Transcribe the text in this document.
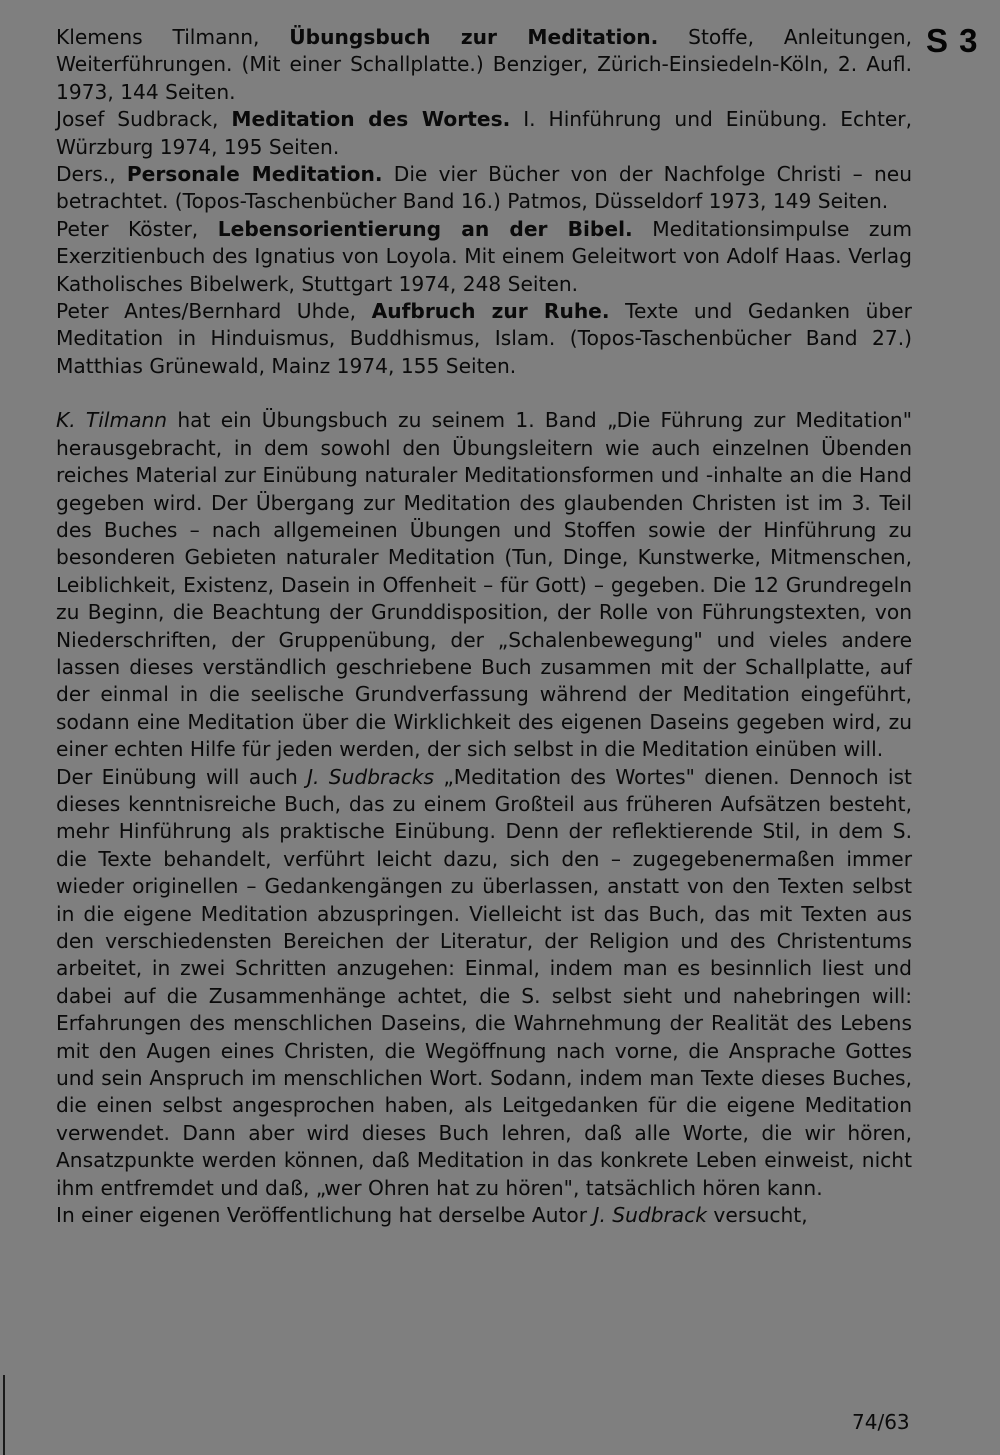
S 3

Klemens Tilmann, Übungsbuch zur Meditation. Stoffe, Anleitungen, Weiterführungen. (Mit einer Schallplatte.) Benziger, Zürich-Einsiedeln-Köln, 2. Aufl. 1973, 144 Seiten.

Josef Sudbrack, Meditation des Wortes. I. Hinführung und Einübung. Echter, Würzburg 1974, 195 Seiten.

Ders., Personale Meditation. Die vier Bücher von der Nachfolge Christi – neu betrachtet. (Topos-Taschenbücher Band 16.) Patmos, Düsseldorf 1973, 149 Seiten.

Peter Köster, Lebensorientierung an der Bibel. Meditationsimpulse zum Exerzitienbuch des Ignatius von Loyola. Mit einem Geleitwort von Adolf Haas. Verlag Katholisches Bibelwerk, Stuttgart 1974, 248 Seiten.

Peter Antes/Bernhard Uhde, Aufbruch zur Ruhe. Texte und Gedanken über Meditation in Hinduismus, Buddhismus, Islam. (Topos-Taschenbücher Band 27.) Matthias Grünewald, Mainz 1974, 155 Seiten.

K. Tilmann hat ein Übungsbuch zu seinem 1. Band „Die Führung zur Meditation" herausgebracht, in dem sowohl den Übungsleitern wie auch einzelnen Übenden reiches Material zur Einübung naturaler Meditationsformen und -inhalte an die Hand gegeben wird. Der Übergang zur Meditation des glaubenden Christen ist im 3. Teil des Buches – nach allgemeinen Übungen und Stoffen sowie der Hinführung zu besonderen Gebieten naturaler Meditation (Tun, Dinge, Kunstwerke, Mitmenschen, Leiblichkeit, Existenz, Dasein in Offenheit – für Gott) – gegeben. Die 12 Grundregeln zu Beginn, die Beachtung der Grunddisposition, der Rolle von Führungstexten, von Niederschriften, der Gruppenübung, der „Schalenbewegung" und vieles andere lassen dieses verständlich geschriebene Buch zusammen mit der Schallplatte, auf der einmal in die seelische Grundverfassung während der Meditation eingeführt, sodann eine Meditation über die Wirklichkeit des eigenen Daseins gegeben wird, zu einer echten Hilfe für jeden werden, der sich selbst in die Meditation einüben will.

Der Einübung will auch J. Sudbracks „Meditation des Wortes" dienen. Dennoch ist dieses kenntnisreiche Buch, das zu einem Großteil aus früheren Aufsätzen besteht, mehr Hinführung als praktische Einübung. Denn der reflektierende Stil, in dem S. die Texte behandelt, verführt leicht dazu, sich den – zugegebenermaßen immer wieder originellen – Gedankengängen zu überlassen, anstatt von den Texten selbst in die eigene Meditation abzuspringen. Vielleicht ist das Buch, das mit Texten aus den verschiedensten Bereichen der Literatur, der Religion und des Christentums arbeitet, in zwei Schritten anzugehen: Einmal, indem man es besinnlich liest und dabei auf die Zusammenhänge achtet, die S. selbst sieht und nahebringen will: Erfahrungen des menschlichen Daseins, die Wahrnehmung der Realität des Lebens mit den Augen eines Christen, die Wegöffnung nach vorne, die Ansprache Gottes und sein Anspruch im menschlichen Wort. Sodann, indem man Texte dieses Buches, die einen selbst angesprochen haben, als Leitgedanken für die eigene Meditation verwendet. Dann aber wird dieses Buch lehren, daß alle Worte, die wir hören, Ansatzpunkte werden können, daß Meditation in das konkrete Leben einweist, nicht ihm entfremdet und daß, „wer Ohren hat zu hören", tatsächlich hören kann.

In einer eigenen Veröffentlichung hat derselbe Autor J. Sudbrack versucht,

74/63
